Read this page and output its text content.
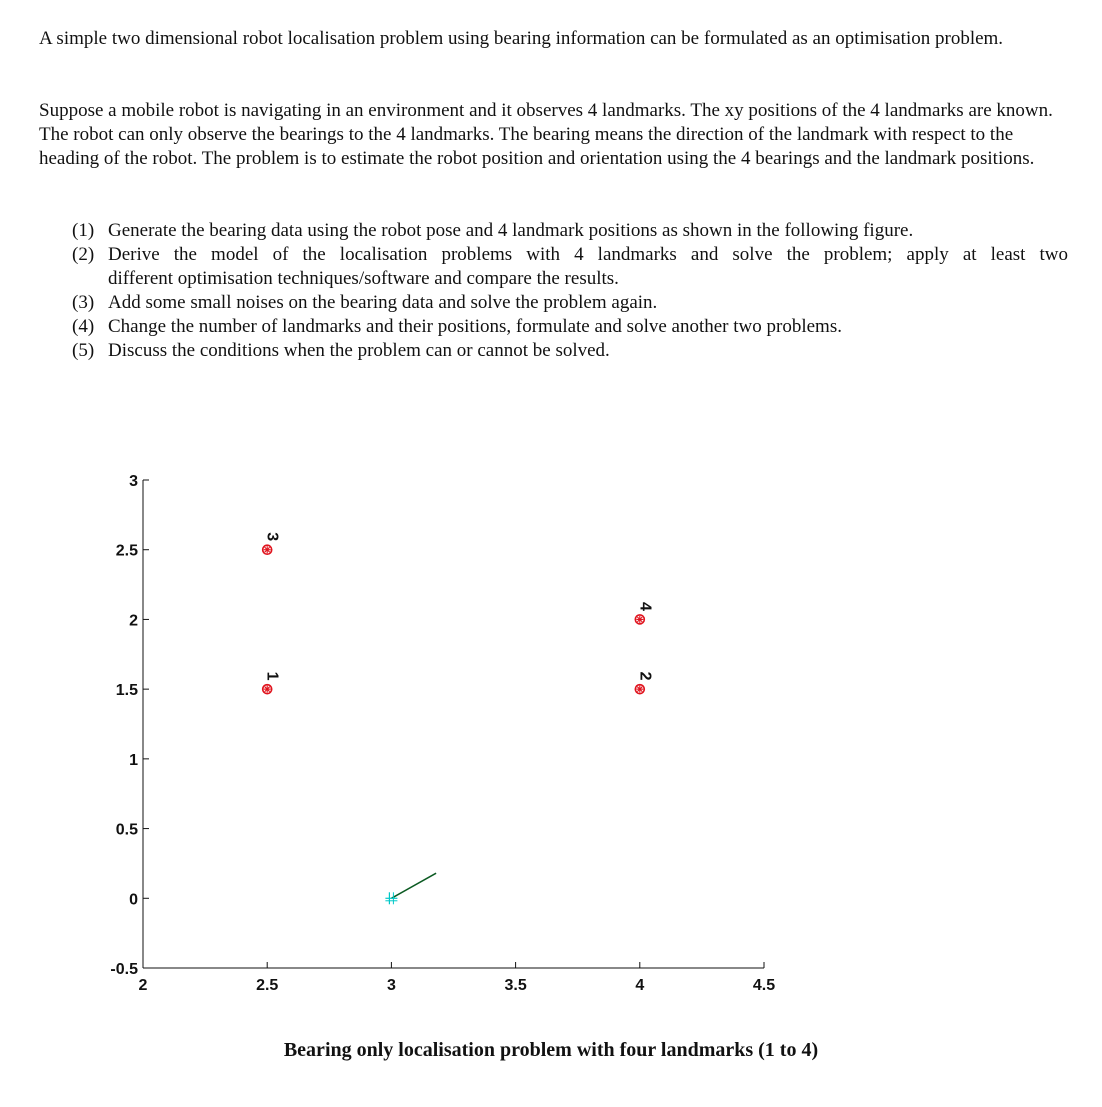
A simple two dimensional robot localisation problem using bearing information can be formulated as an optimisation problem.

Suppose a mobile robot is navigating in an environment and it observes 4 landmarks. The xy positions of the 4 landmarks are known. The robot can only observe the bearings to the 4 landmarks. The bearing means the direction of the landmark with respect to the heading of the robot. The problem is to estimate the robot position and orientation using the 4 bearings and the landmark positions.

(1) Generate the bearing data using the robot pose and 4 landmark positions as shown in the following figure.
(2) Derive the model of the localisation problems with 4 landmarks and solve the problem; apply at least two
different optimisation techniques/software and compare the results.
(3) Add some small noises on the bearing data and solve the problem again.
(4) Change the number of landmarks and their positions, formulate and solve another two problems.
(5) Discuss the conditions when the problem can or cannot be solved.
3
2.5
2
1.5
1
0.5
0
-0.5
2	2.5	3	3.5	4	4.5
1	2
3
4
Bearing only localisation problem with four landmarks (1 to 4)
